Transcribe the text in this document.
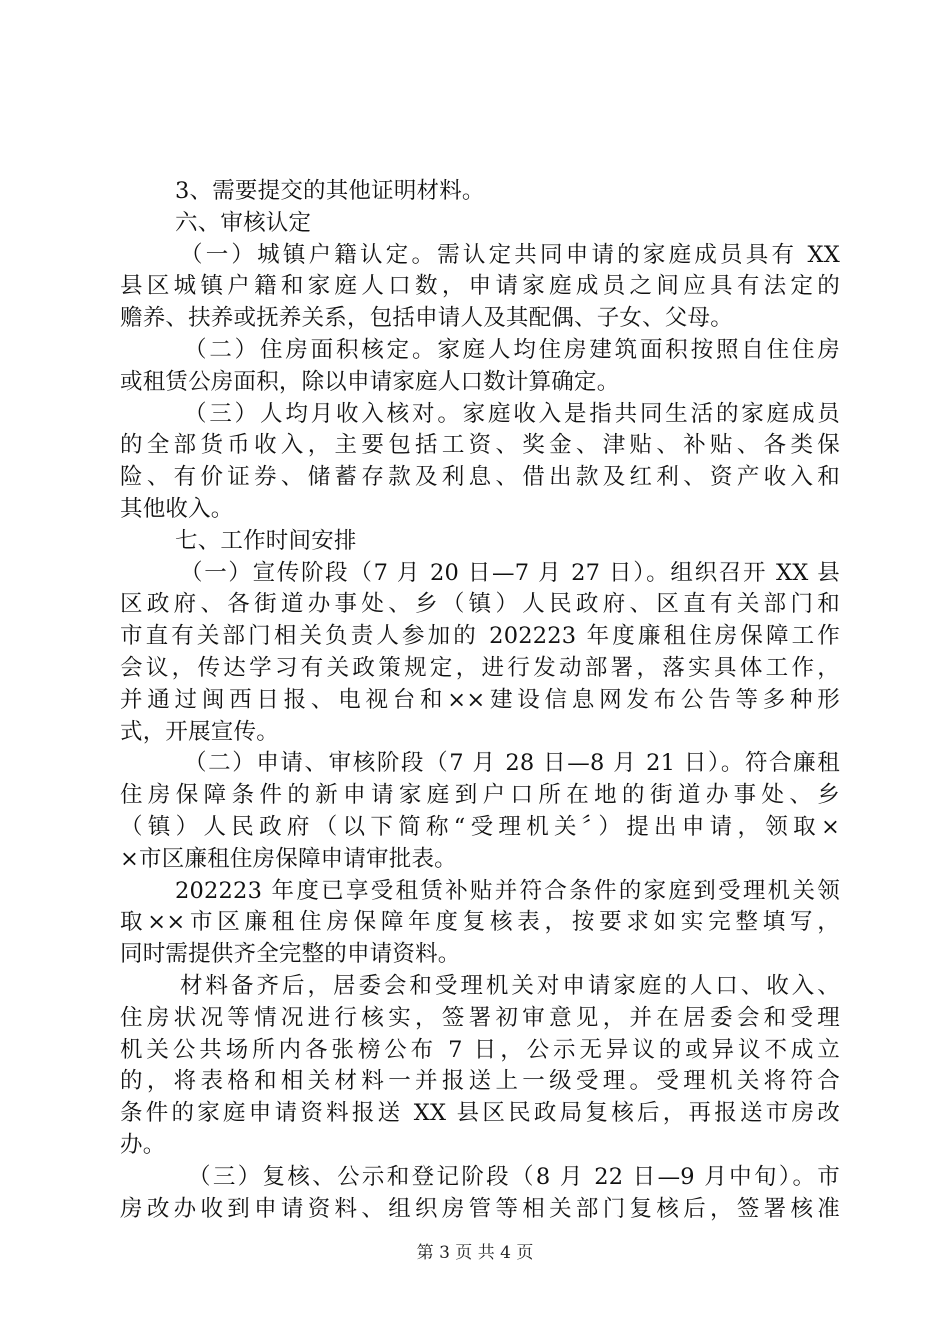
3、需要提交的其他证明材料。
六、审核认定
（一）城镇户籍认定。需认定共同申请的家庭成员具有 XX
县区城镇户籍和家庭人口数，申请家庭成员之间应具有法定的
赡养、扶养或抚养关系，包括申请人及其配偶、子女、父母。
（二）住房面积核定。家庭人均住房建筑面积按照自住住房
或租赁公房面积，除以申请家庭人口数计算确定。
（三）人均月收入核对。家庭收入是指共同生活的家庭成员
的全部货币收入，主要包括工资、奖金、津贴、补贴、各类保
险、有价证券、储蓄存款及利息、借出款及红利、资产收入和
其他收入。
七、工作时间安排
（一）宣传阶段（7 月 20 日—7 月 27 日）。组织召开 XX 县
区政府、各街道办事处、乡（镇）人民政府、区直有关部门和
市直有关部门相关负责人参加的 202223 年度廉租住房保障工作
会议，传达学习有关政策规定，进行发动部署，落实具体工作，
并通过闽西日报、电视台和××建设信息网发布公告等多种形
式，开展宣传。
（二）申请、审核阶段（7 月 28 日—8 月 21 日）。符合廉租
住房保障条件的新申请家庭到户口所在地的街道办事处、乡
（镇）人民政府（以下简称“受理机关〞）提出申请，领取×
×市区廉租住房保障申请审批表。
202223 年度已享受租赁补贴并符合条件的家庭到受理机关领
取××市区廉租住房保障年度复核表，按要求如实完整填写，
同时需提供齐全完整的申请资料。
材料备齐后，居委会和受理机关对申请家庭的人口、收入、
住房状况等情况进行核实，签署初审意见，并在居委会和受理
机关公共场所内各张榜公布 7 日，公示无异议的或异议不成立
的，将表格和相关材料一并报送上一级受理。受理机关将符合
条件的家庭申请资料报送 XX 县区民政局复核后，再报送市房改
办。
（三）复核、公示和登记阶段（8 月 22 日—9 月中旬）。市
房改办收到申请资料、组织房管等相关部门复核后，签署核准
第 3 页 共 4 页
